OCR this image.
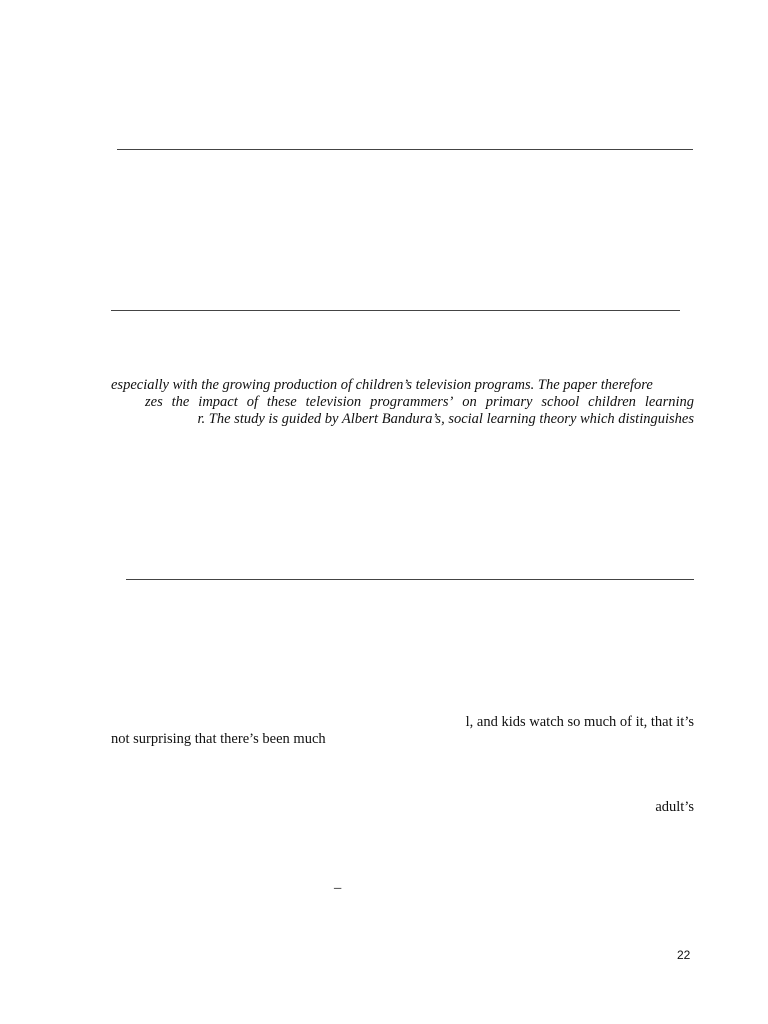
especially with the growing production of children’s television programs. The paper therefore
zes the impact of these television programmers’ on primary school children learning
r. The study is guided by Albert Bandura’s, social learning theory which distinguishes
l, and kids watch so much of it, that it’s
not surprising that there’s been much
adult’s
–
22
